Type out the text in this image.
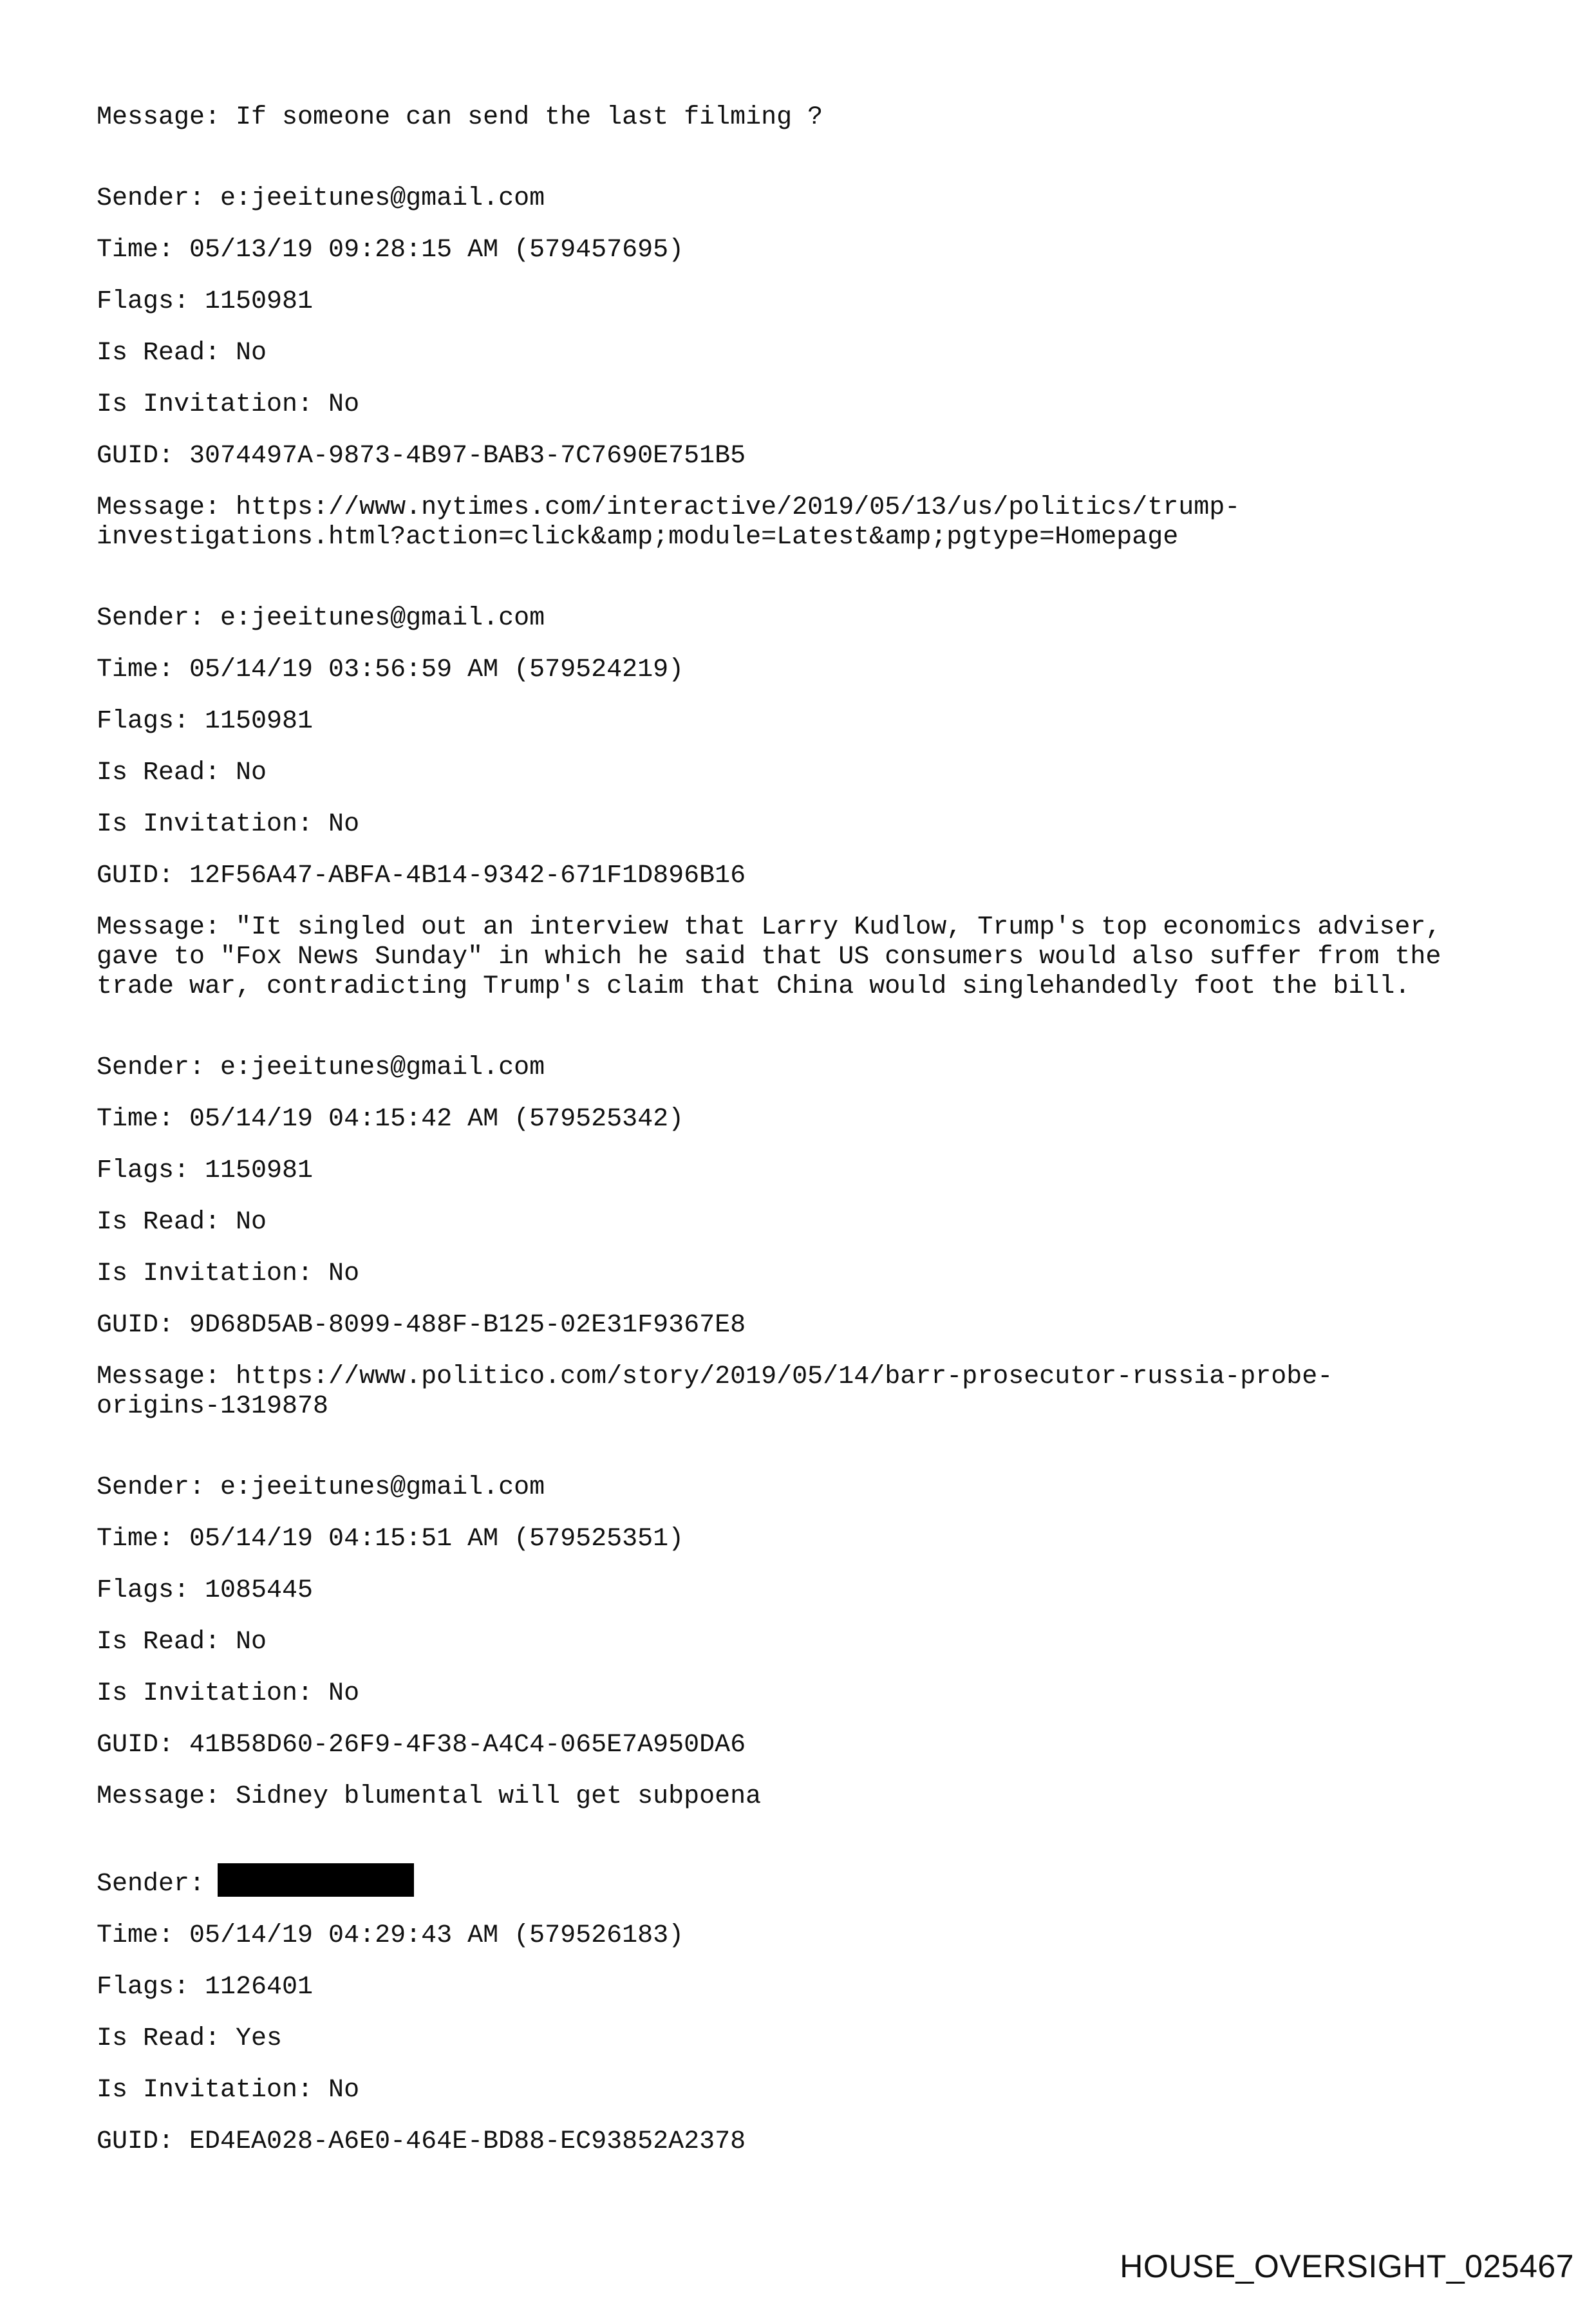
Message: If someone can send the last filming ?
Sender: e:jeeitunes@gmail.com
Time: 05/13/19 09:28:15 AM (579457695)
Flags: 1150981
Is Read: No
Is Invitation: No
GUID: 3074497A-9873-4B97-BAB3-7C7690E751B5
Message: https://www.nytimes.com/interactive/2019/05/13/us/politics/trump-
investigations.html?action=click&amp;module=Latest&amp;pgtype=Homepage
Sender: e:jeeitunes@gmail.com
Time: 05/14/19 03:56:59 AM (579524219)
Flags: 1150981
Is Read: No
Is Invitation: No
GUID: 12F56A47-ABFA-4B14-9342-671F1D896B16
Message: "It singled out an interview that Larry Kudlow, Trump's top economics adviser,
gave to "Fox News Sunday" in which he said that US consumers would also suffer from the
trade war, contradicting Trump's claim that China would singlehandedly foot the bill.
Sender: e:jeeitunes@gmail.com
Time: 05/14/19 04:15:42 AM (579525342)
Flags: 1150981
Is Read: No
Is Invitation: No
GUID: 9D68D5AB-8099-488F-B125-02E31F9367E8
Message: https://www.politico.com/story/2019/05/14/barr-prosecutor-russia-probe-
origins-1319878
Sender: e:jeeitunes@gmail.com
Time: 05/14/19 04:15:51 AM (579525351)
Flags: 1085445
Is Read: No
Is Invitation: No
GUID: 41B58D60-26F9-4F38-A4C4-065E7A950DA6
Message: Sidney blumental will get subpoena
Sender:
Time: 05/14/19 04:29:43 AM (579526183)
Flags: 1126401
Is Read: Yes
Is Invitation: No
GUID: ED4EA028-A6E0-464E-BD88-EC93852A2378
HOUSE_OVERSIGHT_025467
